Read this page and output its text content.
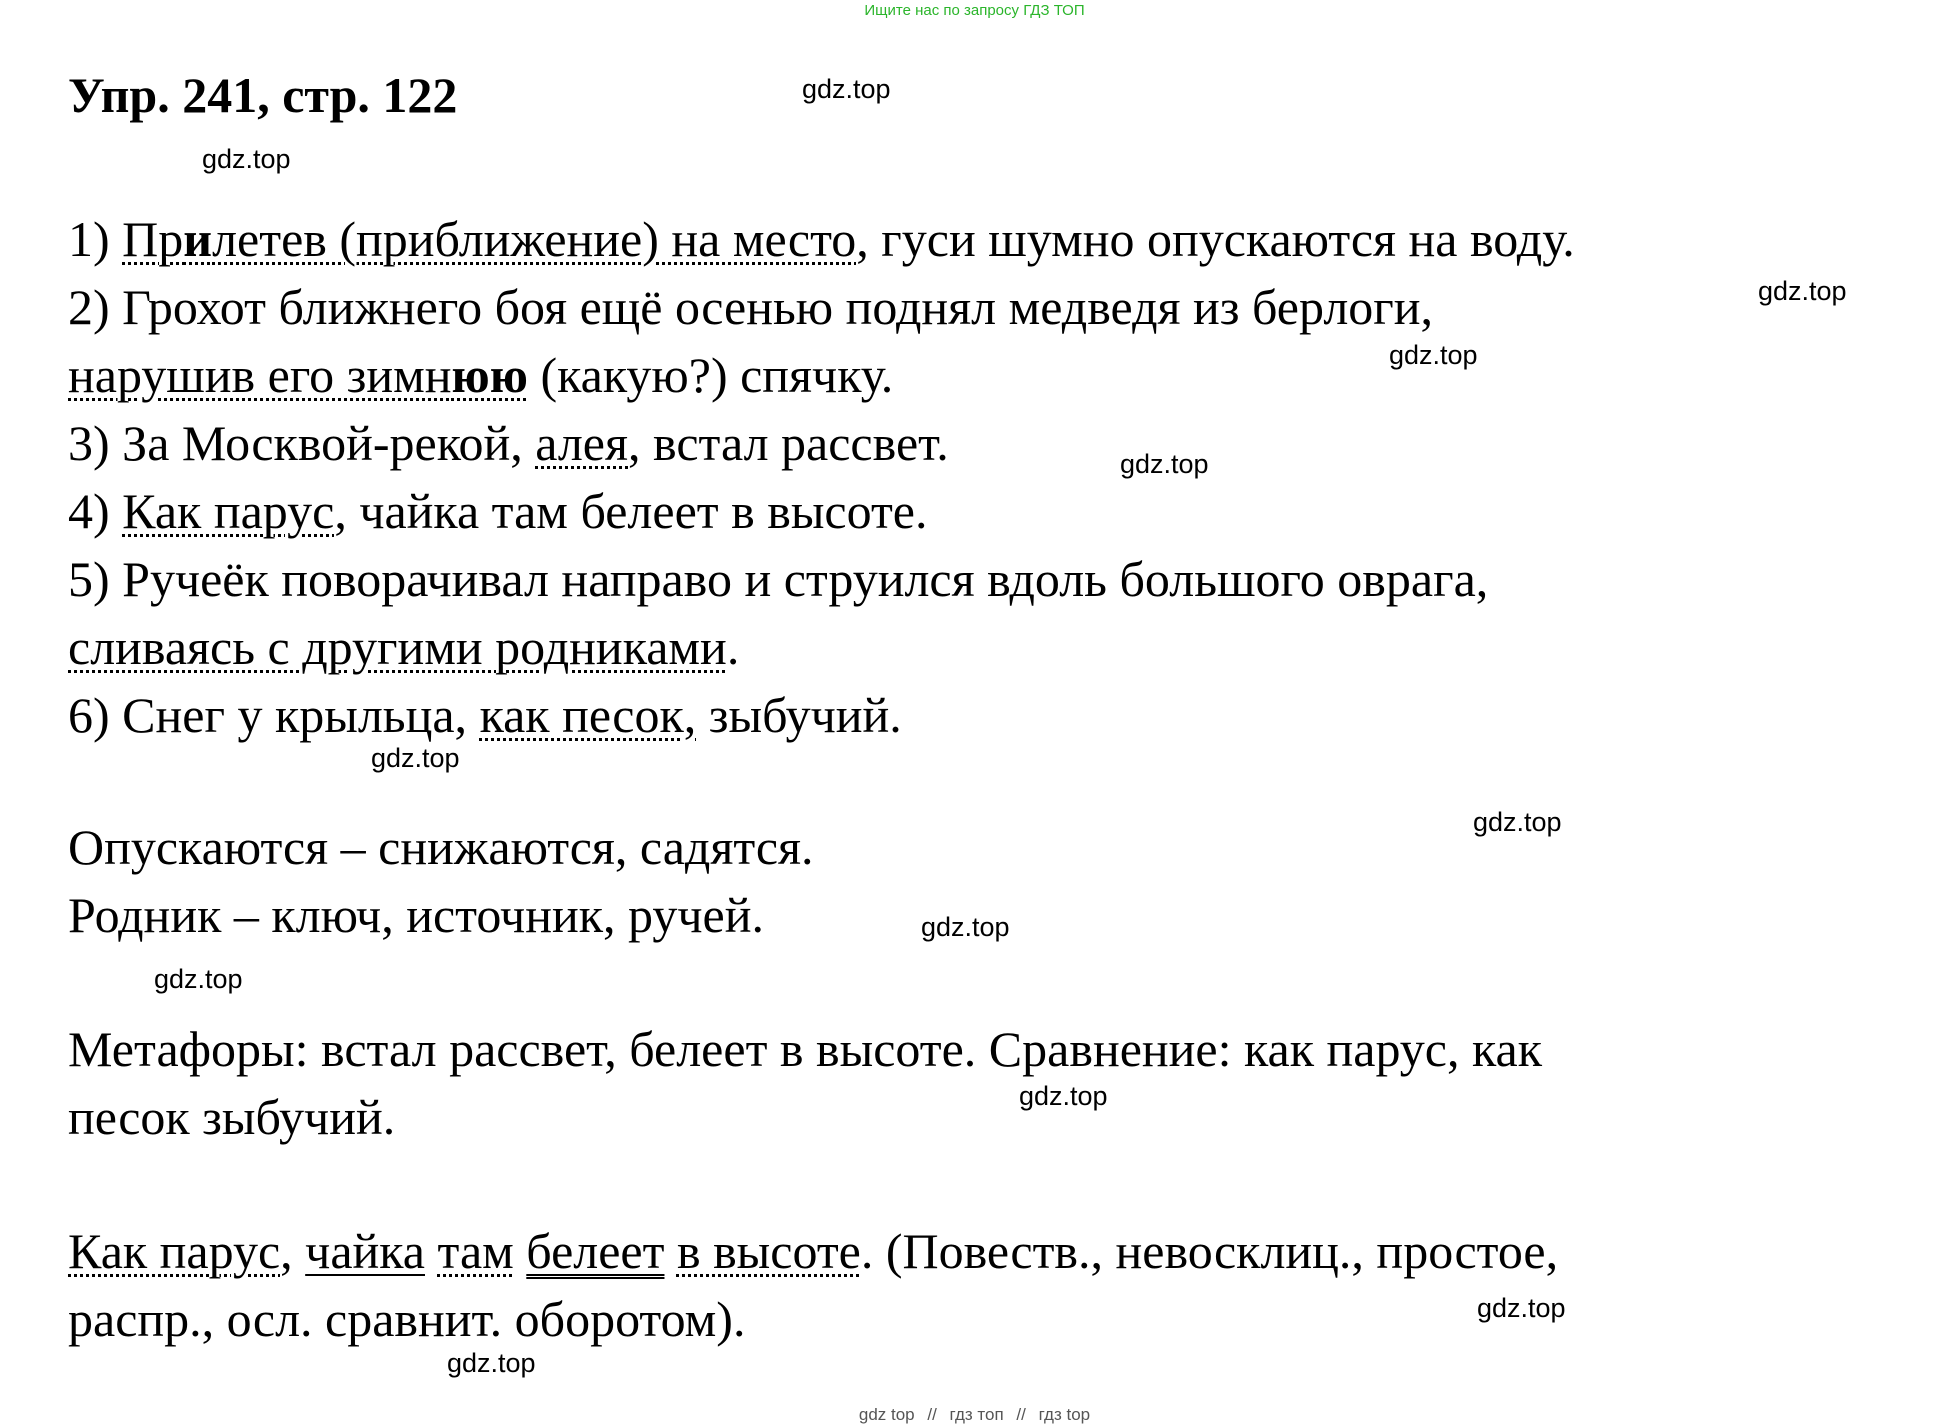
Ищите нас по запросу ГДЗ ТОП
Упр. 241, стр. 122	gdz.top
gdz.top
gdz.top
gdz.top
gdz.top
gdz.top
gdz.top
gdz.top
gdz.top
gdz.top
gdz.top
gdz.top
1) Прилетев (приближение) на место, гуси шумно опускаются на воду.
2) Грохот ближнего боя ещё осенью поднял медведя из берлоги,
нарушив его зимнюю (какую?) спячку.
3) За Москвой-рекой, алея, встал рассвет.
4) Как парус, чайка там белеет в высоте.
5) Ручеёк поворачивал направо и струился вдоль большого оврага,
сливаясь с другими родниками.
6) Снег у крыльца, как песок, зыбучий.
Опускаются – снижаются, садятся.
Родник – ключ, источник, ручей.
Метафоры: встал рассвет, белеет в высоте. Сравнение: как парус, как
песок зыбучий.
Как парус, чайка там белеет в высоте. (Повеств., невосклиц., простое,
распр., осл. сравнит. оборотом).
gdz top // гдз топ // гдз top
